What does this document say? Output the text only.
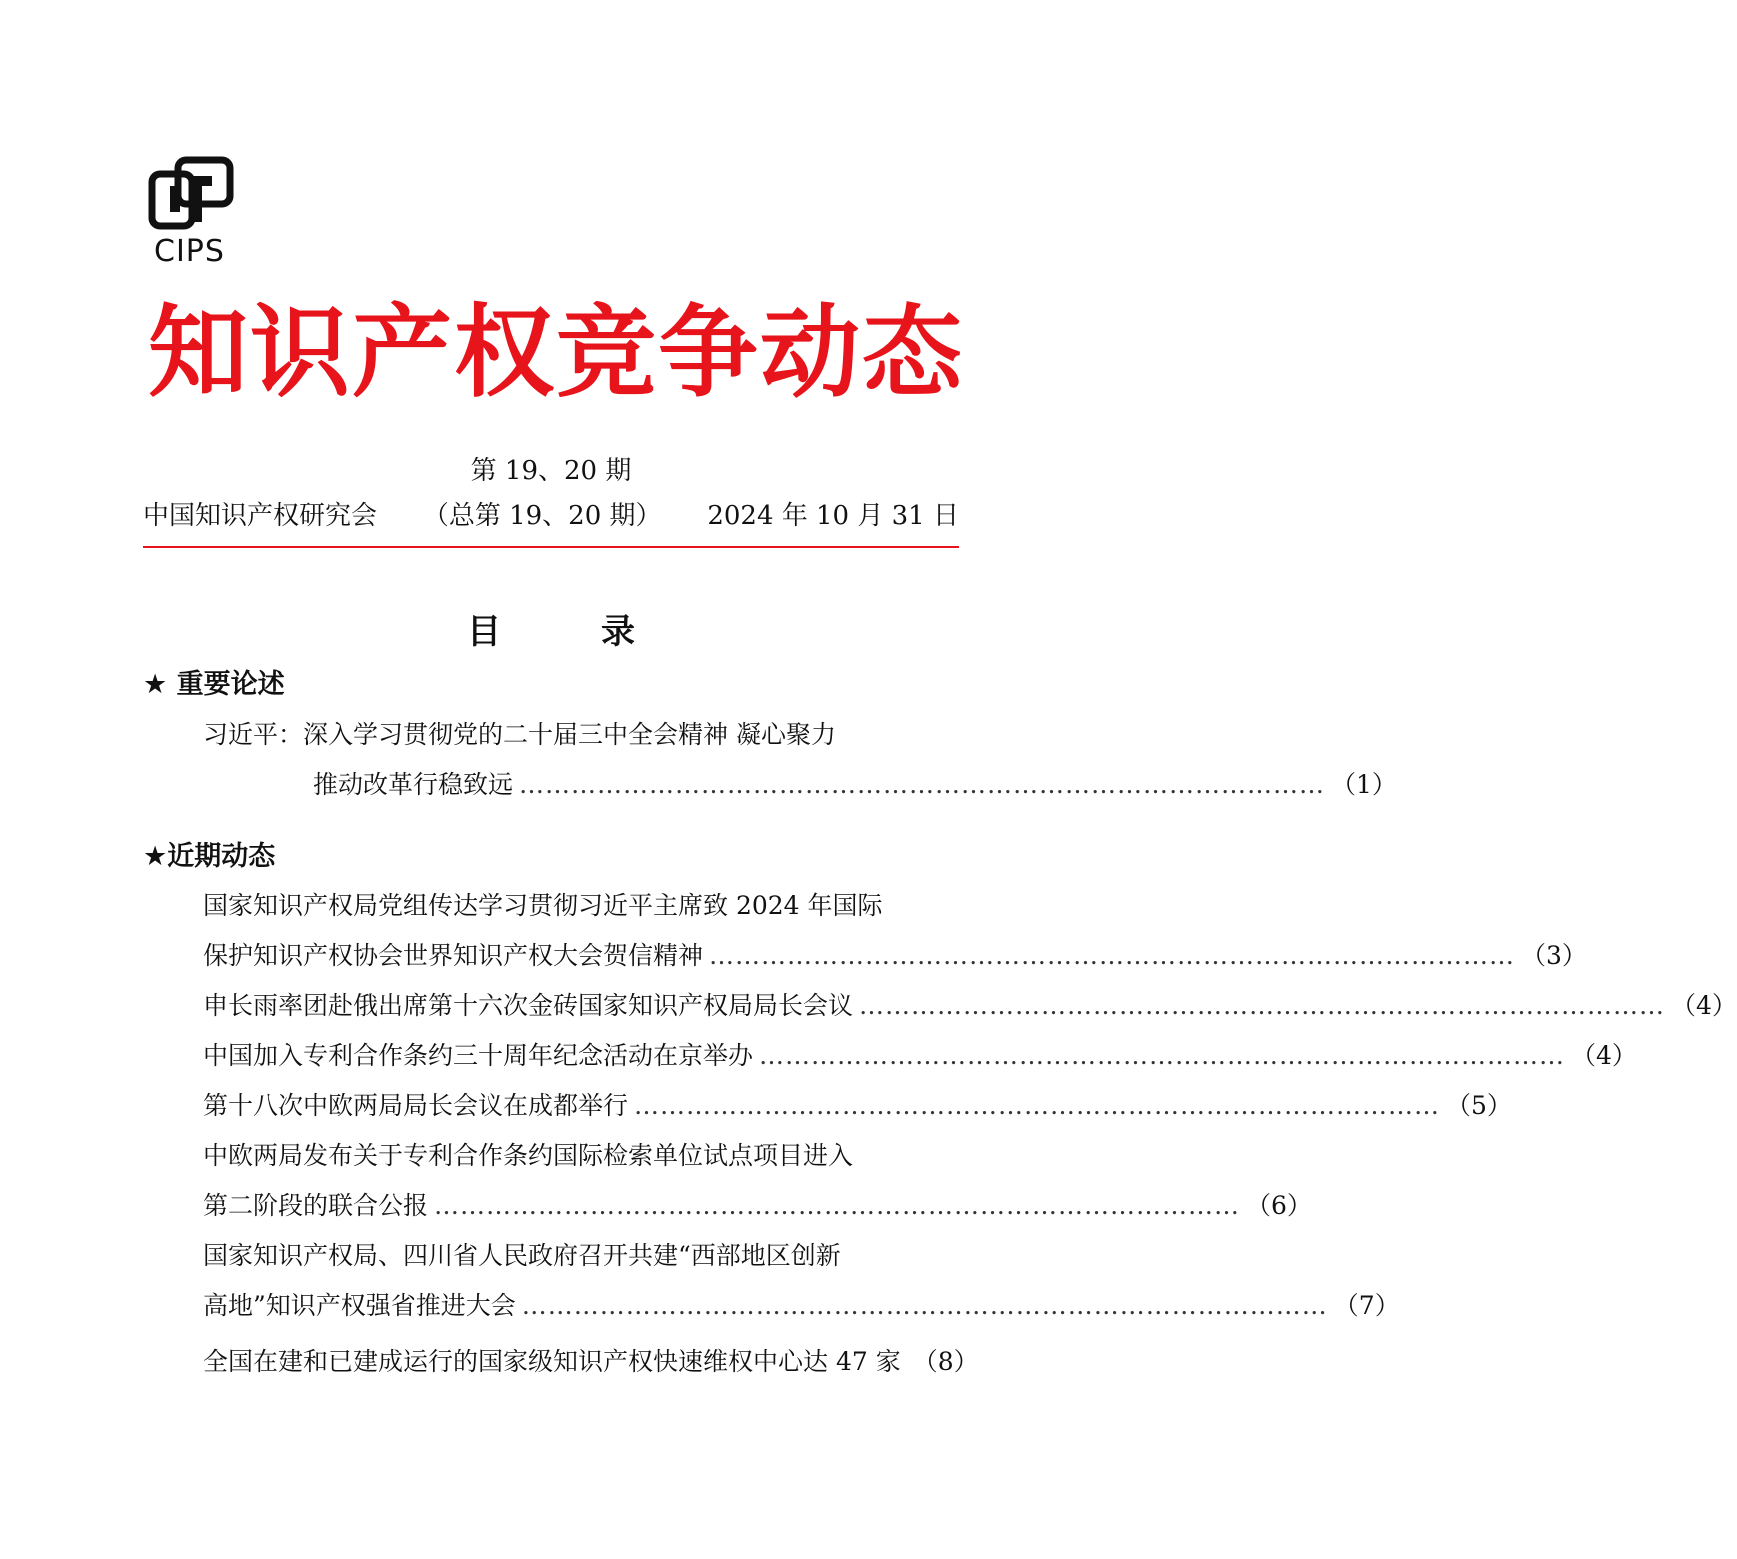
CIPS
知识产权竞争动态
第 19、20 期
中国知识产权研究会 （总第 19、20 期） 2024 年 10 月 31 日
目录
★ 重要论述
习近平：深入学习贯彻党的二十届三中全会精神 凝心聚力
推动改革行稳致远 ………………………………………………………………………………… （1）
★近期动态
国家知识产权局党组传达学习贯彻习近平主席致 2024 年国际
保护知识产权协会世界知识产权大会贺信精神 ………………………………………………………………………………… （3）
申长雨率团赴俄出席第十六次金砖国家知识产权局局长会议 ………………………………………………………………………………… （4）
中国加入专利合作条约三十周年纪念活动在京举办 ………………………………………………………………………………… （4）
第十八次中欧两局局长会议在成都举行 ………………………………………………………………………………… （5）
中欧两局发布关于专利合作条约国际检索单位试点项目进入
第二阶段的联合公报 ………………………………………………………………………………… （6）
国家知识产权局、四川省人民政府召开共建“西部地区创新
高地”知识产权强省推进大会 ………………………………………………………………………………… （7）
全国在建和已建成运行的国家级知识产权快速维权中心达 47 家 （8）
